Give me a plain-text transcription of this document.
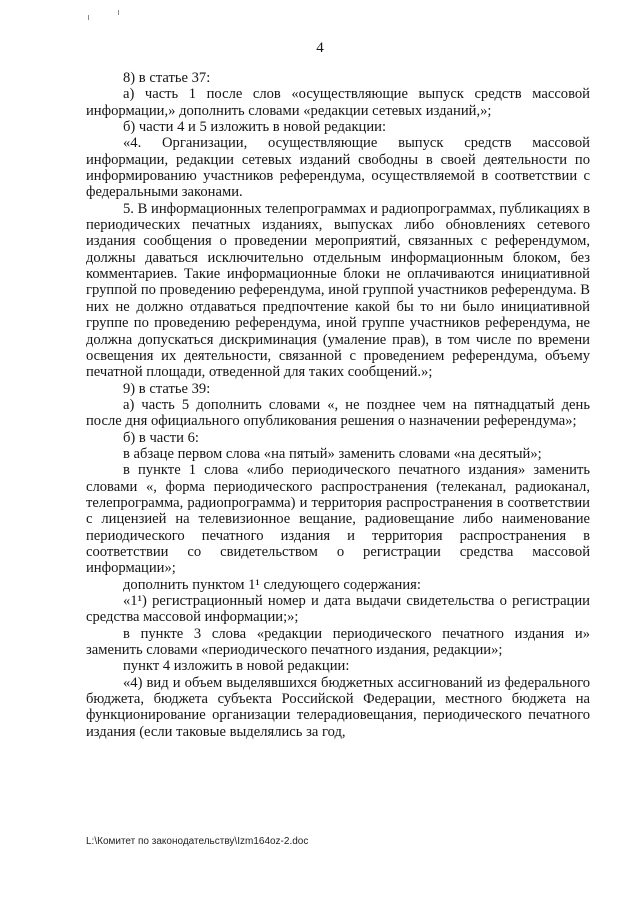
4

8) в статье 37:

а) часть 1 после слов «осуществляющие выпуск средств массовой информации,» дополнить словами «редакции сетевых изданий,»;

б) части 4 и 5 изложить в новой редакции:

«4. Организации, осуществляющие выпуск средств массовой информации, редакции сетевых изданий свободны в своей деятельности по информированию участников референдума, осуществляемой в соответствии с федеральными законами.

5. В информационных телепрограммах и радиопрограммах, публикациях в периодических печатных изданиях, выпусках либо обновлениях сетевого издания сообщения о проведении мероприятий, связанных с референдумом, должны даваться исключительно отдельным информационным блоком, без комментариев. Такие информационные блоки не оплачиваются инициативной группой по проведению референдума, иной группой участников референдума. В них не должно отдаваться предпочтение какой бы то ни было инициативной группе по проведению референдума, иной группе участников референдума, не должна допускаться дискриминация (умаление прав), в том числе по времени освещения их деятельности, связанной с проведением референдума, объему печатной площади, отведенной для таких сообщений.»;

9) в статье 39:

а) часть 5 дополнить словами «, не позднее чем на пятнадцатый день после дня официального опубликования решения о назначении референдума»;

б) в части 6:

в абзаце первом слова «на пятый» заменить словами «на десятый»;

в пункте 1 слова «либо периодического печатного издания» заменить словами «, форма периодического распространения (телеканал, радиоканал, телепрограмма, радиопрограмма) и территория распространения в соответствии с лицензией на телевизионное вещание, радиовещание либо наименование периодического печатного издания и территория распространения в соответствии со свидетельством о регистрации средства массовой информации»;

дополнить пунктом 1¹ следующего содержания:

«1¹) регистрационный номер и дата выдачи свидетельства о регистрации средства массовой информации;»;

в пункте 3 слова «редакции периодического печатного издания и» заменить словами «периодического печатного издания, редакции»;

пункт 4 изложить в новой редакции:

«4) вид и объем выделявшихся бюджетных ассигнований из федерального бюджета, бюджета субъекта Российской Федерации, местного бюджета на функционирование организации телерадиовещания, периодического печатного издания (если таковые выделялись за год,

L:\Комитет по законодательству\Izm164oz-2.doc
